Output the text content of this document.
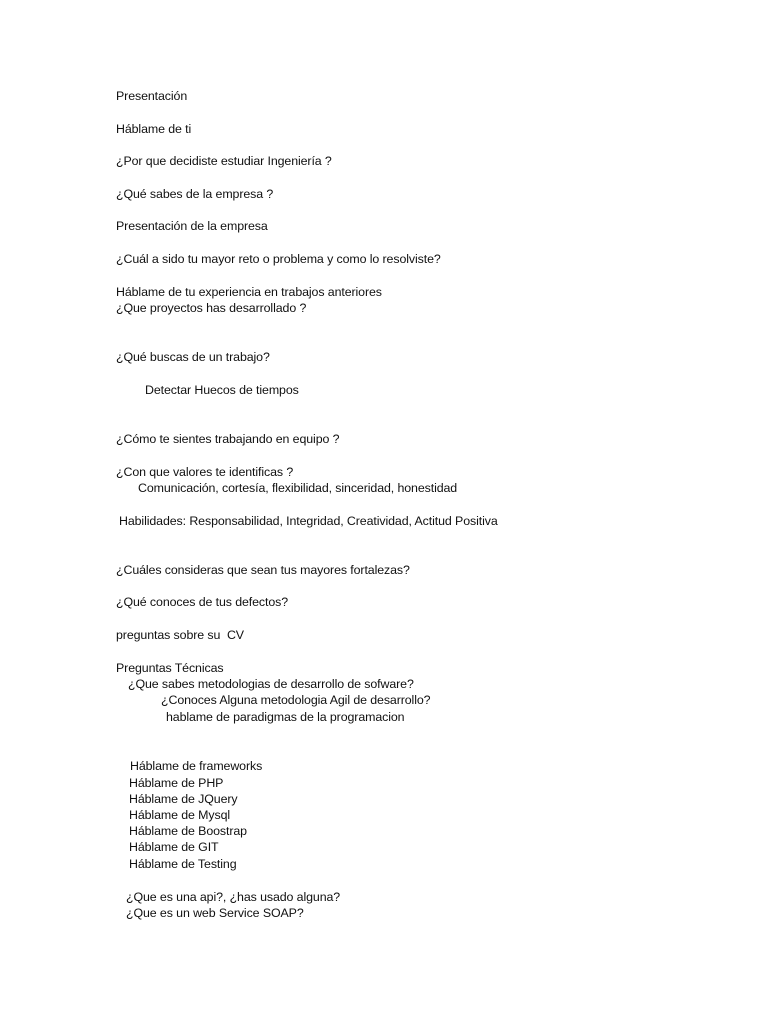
Presentación
Háblame de ti
¿Por que decidiste estudiar Ingeniería ?
¿Qué sabes de la empresa ?
Presentación de la empresa
¿Cuál a sido tu mayor reto o problema y como lo resolviste?
Háblame de tu experiencia en trabajos anteriores
¿Que proyectos has desarrollado ?
¿Qué buscas de un trabajo?
Detectar Huecos de tiempos
¿Cómo te sientes trabajando en equipo ?
¿Con que valores te identificas ?
Comunicación, cortesía, flexibilidad, sinceridad, honestidad
Habilidades: Responsabilidad, Integridad, Creatividad, Actitud Positiva
¿Cuáles consideras que sean tus mayores fortalezas?
¿Qué conoces de tus defectos?
preguntas sobre su  CV
Preguntas Técnicas
¿Que sabes metodologias de desarrollo de sofware?
¿Conoces Alguna metodologia Agil de desarrollo?
hablame de paradigmas de la programacion
Háblame de frameworks
Háblame de PHP
Háblame de JQuery
Háblame de Mysql
Háblame de Boostrap
Háblame de GIT
Háblame de Testing
¿Que es una api?, ¿has usado alguna?
¿Que es un web Service SOAP?
